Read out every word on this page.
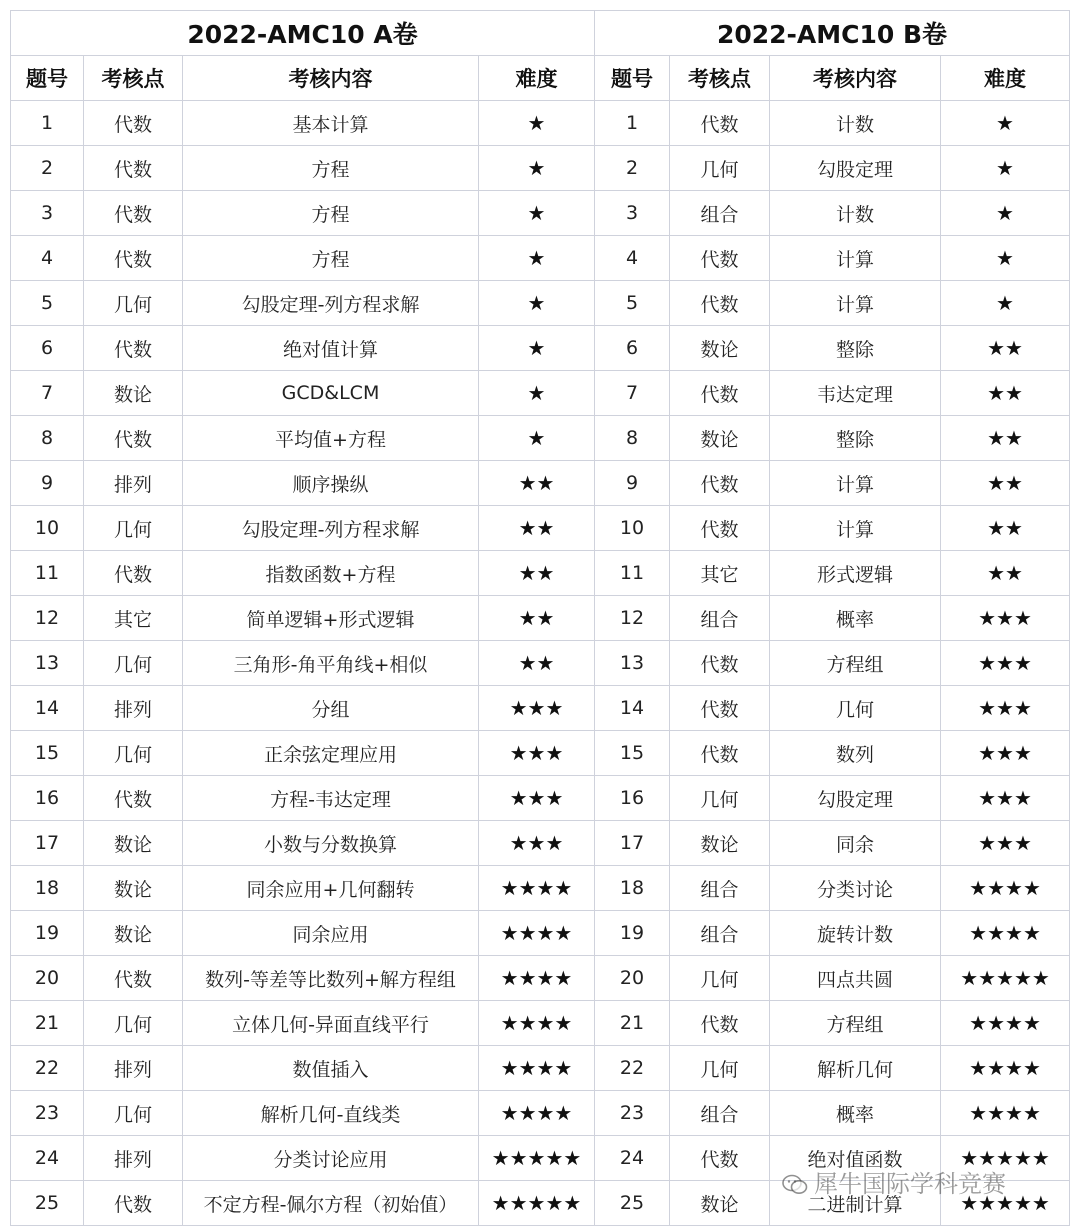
2022-AMC10 A卷				2022-AMC10 B卷			
题号	考核点	考核内容	难度	题号	考核点	考核内容	难度
1	代数	基本计算	★	1	代数	计数	★
2	代数	方程	★	2	几何	勾股定理	★
3	代数	方程	★	3	组合	计数	★
4	代数	方程	★	4	代数	计算	★
5	几何	勾股定理-列方程求解	★	5	代数	计算	★
6	代数	绝对值计算	★	6	数论	整除	★★
7	数论	GCD&LCM	★	7	代数	韦达定理	★★
8	代数	平均值+方程	★	8	数论	整除	★★
9	排列	顺序操纵	★★	9	代数	计算	★★
10	几何	勾股定理-列方程求解	★★	10	代数	计算	★★
11	代数	指数函数+方程	★★	11	其它	形式逻辑	★★
12	其它	简单逻辑+形式逻辑	★★	12	组合	概率	★★★
13	几何	三角形-角平角线+相似	★★	13	代数	方程组	★★★
14	排列	分组	★★★	14	代数	几何	★★★
15	几何	正余弦定理应用	★★★	15	代数	数列	★★★
16	代数	方程-韦达定理	★★★	16	几何	勾股定理	★★★
17	数论	小数与分数换算	★★★	17	数论	同余	★★★
18	数论	同余应用+几何翻转	★★★★	18	组合	分类讨论	★★★★
19	数论	同余应用	★★★★	19	组合	旋转计数	★★★★
20	代数	数列-等差等比数列+解方程组	★★★★	20	几何	四点共圆	★★★★★
21	几何	立体几何-异面直线平行	★★★★	21	代数	方程组	★★★★
22	排列	数值插入	★★★★	22	几何	解析几何	★★★★
23	几何	解析几何-直线类	★★★★	23	组合	概率	★★★★
24	排列	分类讨论应用	★★★★★	24	代数	绝对值函数	★★★★★
25	代数	不定方程-佩尔方程（初始值）	★★★★★	25	数论	二进制计算	★★★★★
犀牛国际学科竞赛
